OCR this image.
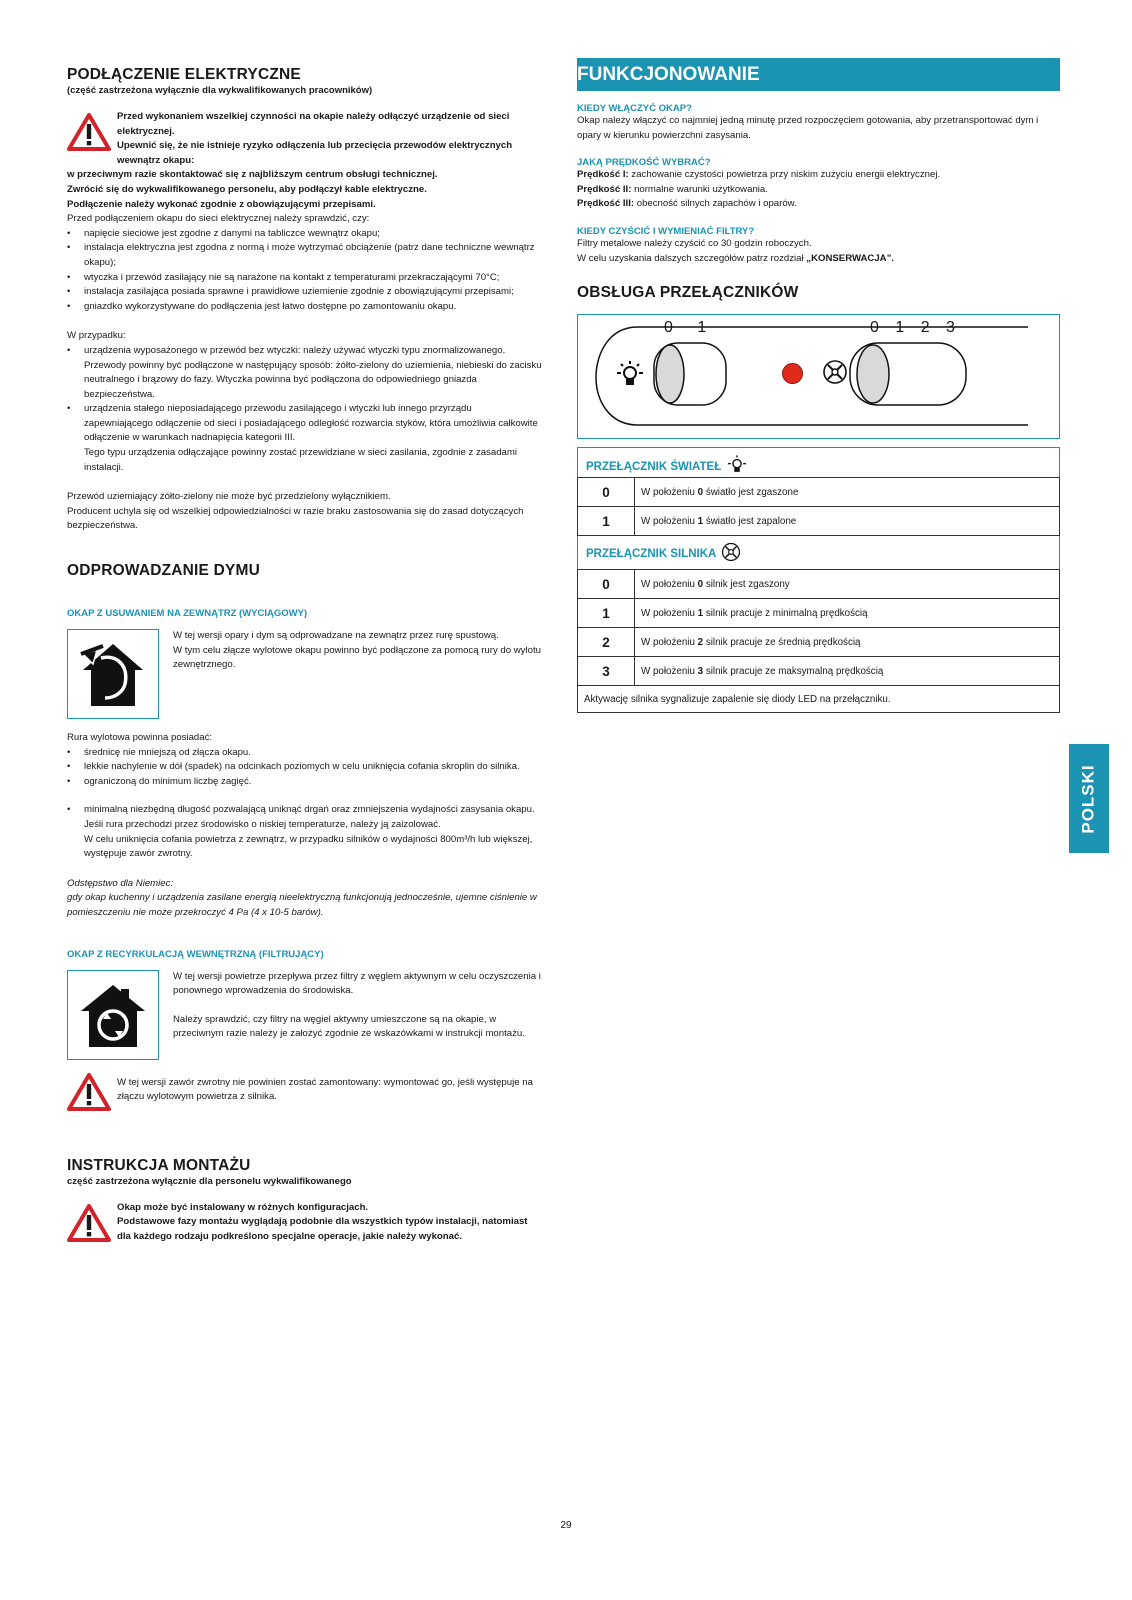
PODŁĄCZENIE ELEKTRYCZNE

(część zastrzeżona wyłącznie dla wykwalifikowanych pracowników)

Przed wykonaniem wszelkiej czynności na okapie należy odłączyć urządzenie od sieci elektrycznej.

Upewnić się, że nie istnieje ryzyko odłączenia lub przecięcia przewodów elektrycznych wewnątrz okapu:

w przeciwnym razie skontaktować się z najbliższym centrum obsługi technicznej.

Zwrócić się do wykwalifikowanego personelu, aby podłączył kable elektryczne.

Podłączenie należy wykonać zgodnie z obowiązującymi przepisami.

Przed podłączeniem okapu do sieci elektrycznej należy sprawdzić, czy:

• napięcie sieciowe jest zgodne z danymi na tabliczce wewnątrz okapu;
• instalacja elektryczna jest zgodna z normą i może wytrzymać obciążenie (patrz dane techniczne wewnątrz okapu);
• wtyczka i przewód zasilający nie są narażone na kontakt z temperaturami przekraczającymi 70°C;
• instalacja zasilająca posiada sprawne i prawidłowe uziemienie zgodnie z obowiązującymi przepisami;
• gniazdko wykorzystywane do podłączenia jest łatwo dostępne po zamontowaniu okapu.

W przypadku:

• urządzenia wyposażonego w przewód bez wtyczki: należy używać wtyczki typu znormalizowanego. Przewody powinny być podłączone w następujący sposób: żółto-zielony do uziemienia, niebieski do zacisku neutralnego i brązowy do fazy. Wtyczka powinna być podłączona do odpowiedniego gniazda bezpieczeństwa.
• urządzenia stałego nieposiadającego przewodu zasilającego i wtyczki lub innego przyrządu zapewniającego odłączenie od sieci i posiadającego odległość rozwarcia styków, która umożliwia całkowite odłączenie w warunkach nadnapięcia kategorii III.

Tego typu urządzenia odłączające powinny zostać przewidziane w sieci zasilania, zgodnie z zasadami instalacji.

Przewód uziemiający żółto-zielony nie może być przedzielony wyłącznikiem.

Producent uchyla się od wszelkiej odpowiedzialności w razie braku zastosowania się do zasad dotyczących bezpieczeństwa.

ODPROWADZANIE DYMU

OKAP Z USUWANIEM NA ZEWNĄTRZ (WYCIĄGOWY)

W tej wersji opary i dym są odprowadzane na zewnątrz przez rurę spustową.

W tym celu złącze wylotowe okapu powinno być podłączone za pomocą rury do wylotu zewnętrznego.

Rura wylotowa powinna posiadać:

• średnicę nie mniejszą od złącza okapu.
• lekkie nachylenie w dół (spadek) na odcinkach poziomych w celu uniknięcia cofania skroplin do silnika.
• ograniczoną do minimum liczbę zagięć.
• minimalną niezbędną długość pozwalającą uniknąć drgań oraz zmniejszenia wydajności zasysania okapu.

Jeśli rura przechodzi przez środowisko o niskiej temperaturze, należy ją zaizolować.

W celu uniknięcia cofania powietrza z zewnątrz, w przypadku silników o wydajności 800m³/h lub większej, występuje zawór zwrotny.

Odstępstwo dla Niemiec:

gdy okap kuchenny i urządzenia zasilane energią nieelektryczną funkcjonują jednocześnie, ujemne ciśnienie w pomieszczeniu nie może przekroczyć 4 Pa (4 x 10-5 barów).

OKAP Z RECYRKULACJĄ WEWNĘTRZNĄ (FILTRUJĄCY)

W tej wersji powietrze przepływa przez filtry z węglem aktywnym w celu oczyszczenia i ponownego wprowadzenia do środowiska.

Należy sprawdzić, czy filtry na węgiel aktywny umieszczone są na okapie, w przeciwnym razie należy je założyć zgodnie ze wskazówkami w instrukcji montażu.

W tej wersji zawór zwrotny nie powinien zostać zamontowany: wymontować go, jeśli występuje na złączu wylotowym powietrza z silnika.

INSTRUKCJA MONTAŻU

część zastrzeżona wyłącznie dla personelu wykwalifikowanego

Okap może być instalowany w różnych konfiguracjach.

Podstawowe fazy montażu wyglądają podobnie dla wszystkich typów instalacji, natomiast dla każdego rodzaju podkreślono specjalne operacje, jakie należy wykonać.

FUNKCJONOWANIE

KIEDY WŁĄCZYĆ OKAP?

Okap należy włączyć co najmniej jedną minutę przed rozpoczęciem gotowania, aby przetransportować dym i opary w kierunku powierzchni zasysania.

JAKĄ PRĘDKOŚĆ WYBRAĆ?

Prędkość I: zachowanie czystości powietrza przy niskim zużyciu energii elektrycznej.

Prędkość II: normalne warunki użytkowania.

Prędkość III: obecność silnych zapachów i oparów.

KIEDY CZYŚCIĆ I WYMIENIAĆ FILTRY?

Filtry metalowe należy czyścić co 30 godzin roboczych.

W celu uzyskania dalszych szczegółów patrz rozdział „KONSERWACJA”.

OBSŁUGA PRZEŁĄCZNIKÓW
0 1	0 1 2 3
PRZEŁĄCZNIK ŚWIATEŁ
0	W położeniu 0 światło jest zgaszone
1	W położeniu 1 światło jest zapalone
PRZEŁĄCZNIK SILNIKA
0	W położeniu 0 silnik jest zgaszony
1	W położeniu 1 silnik pracuje z minimalną prędkością
2	W położeniu 2 silnik pracuje ze średnią prędkością
3	W położeniu 3 silnik pracuje ze maksymalną prędkością
Aktywację silnika sygnalizuje zapalenie się diody LED na przełączniku.	
POLSKI
29
